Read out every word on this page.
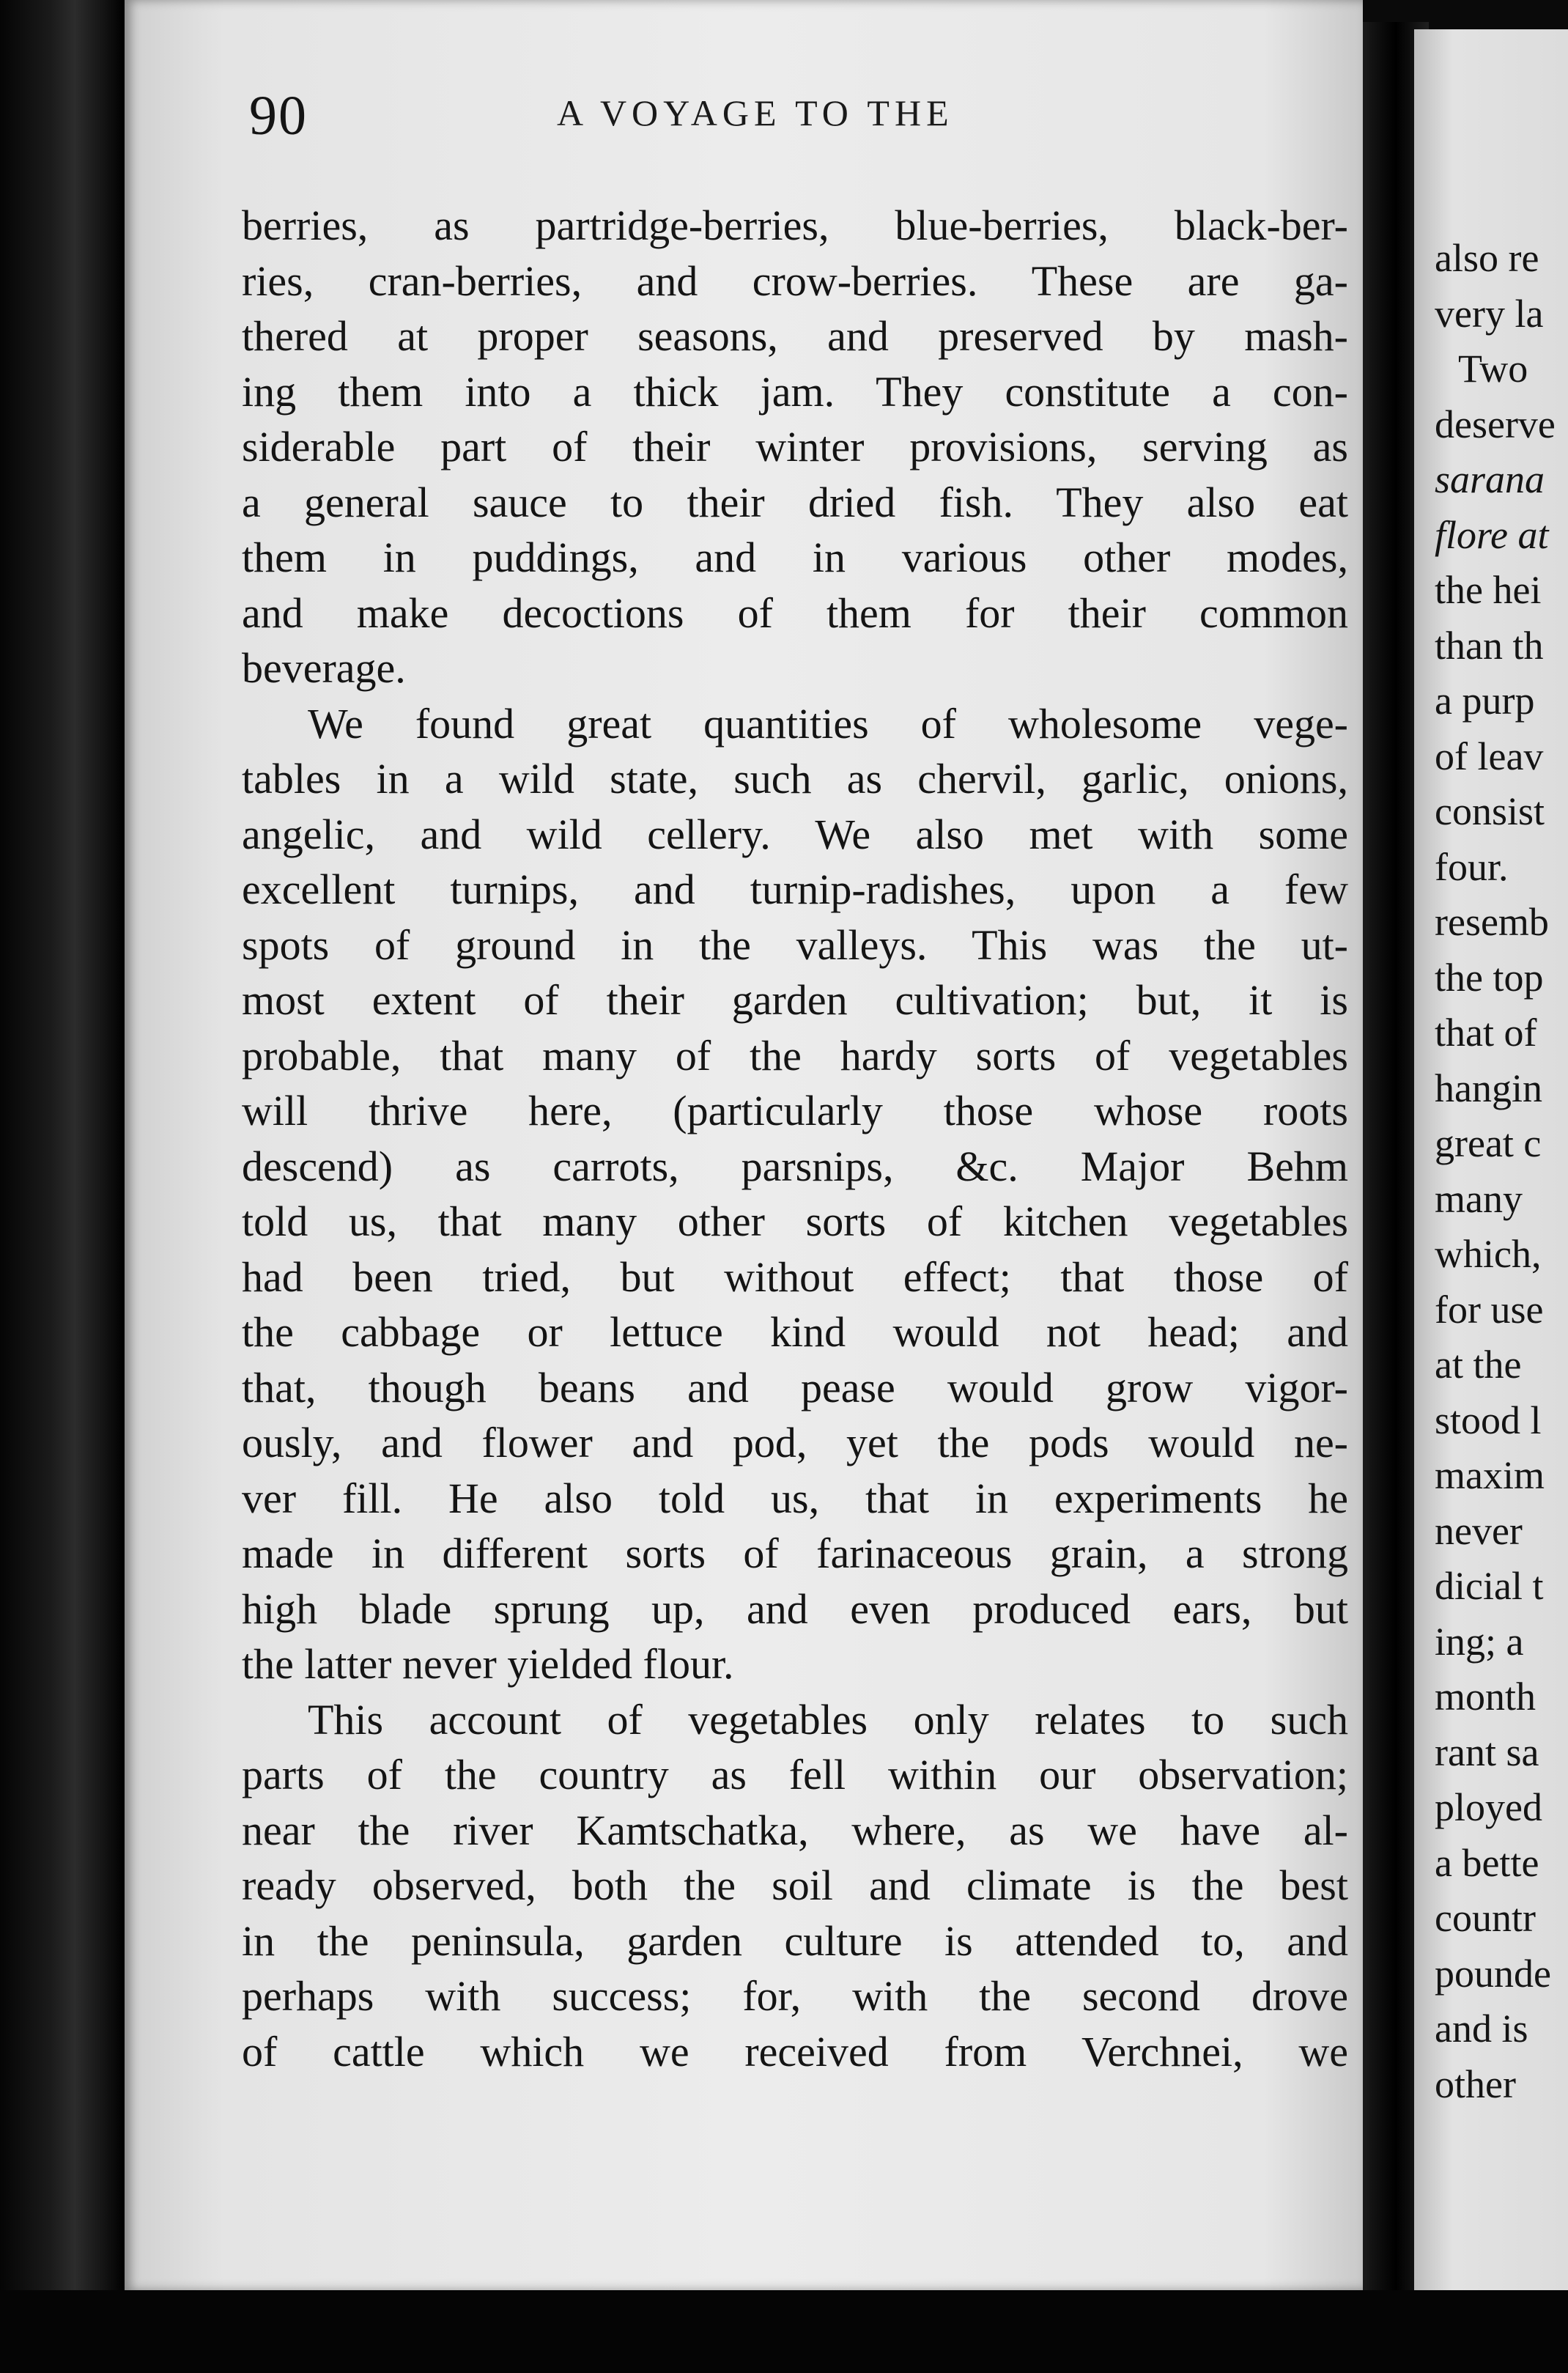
90	A VOYAGE TO THE
berries, as partridge-berries, blue-berries, black-ber-
ries, cran-berries, and crow-berries. These are ga-
thered at proper seasons, and preserved by mash-
ing them into a thick jam. They constitute a con-
siderable part of their winter provisions, serving as
a general sauce to their dried fish. They also eat
them in puddings, and in various other modes,
and make decoctions of them for their common
beverage.
We found great quantities of wholesome vege-
tables in a wild state, such as chervil, garlic, onions,
angelic, and wild cellery. We also met with some
excellent turnips, and turnip-radishes, upon a few
spots of ground in the valleys. This was the ut-
most extent of their garden cultivation; but, it is
probable, that many of the hardy sorts of vegetables
will thrive here, (particularly those whose roots
descend) as carrots, parsnips, &c. Major Behm
told us, that many other sorts of kitchen vegetables
had been tried, but without effect; that those of
the cabbage or lettuce kind would not head; and
that, though beans and pease would grow vigor-
ously, and flower and pod, yet the pods would ne-
ver fill. He also told us, that in experiments he
made in different sorts of farinaceous grain, a strong
high blade sprung up, and even produced ears, but
the latter never yielded flour.
This account of vegetables only relates to such
parts of the country as fell within our observation;
near the river Kamtschatka, where, as we have al-
ready observed, both the soil and climate is the best
in the peninsula, garden culture is attended to, and
perhaps with success; for, with the second drove
of cattle which we received from Verchnei, we
also re
very la
Two
deserve
sarana
flore at
the hei
than th
a purp
of leav
consist
four.
resemb
the top
that of
hangin
great c
many
which,
for use
at the
stood l
maxim
never
dicial t
ing; a
month
rant sa
ployed
a bette
countr
pounde
and is
other
